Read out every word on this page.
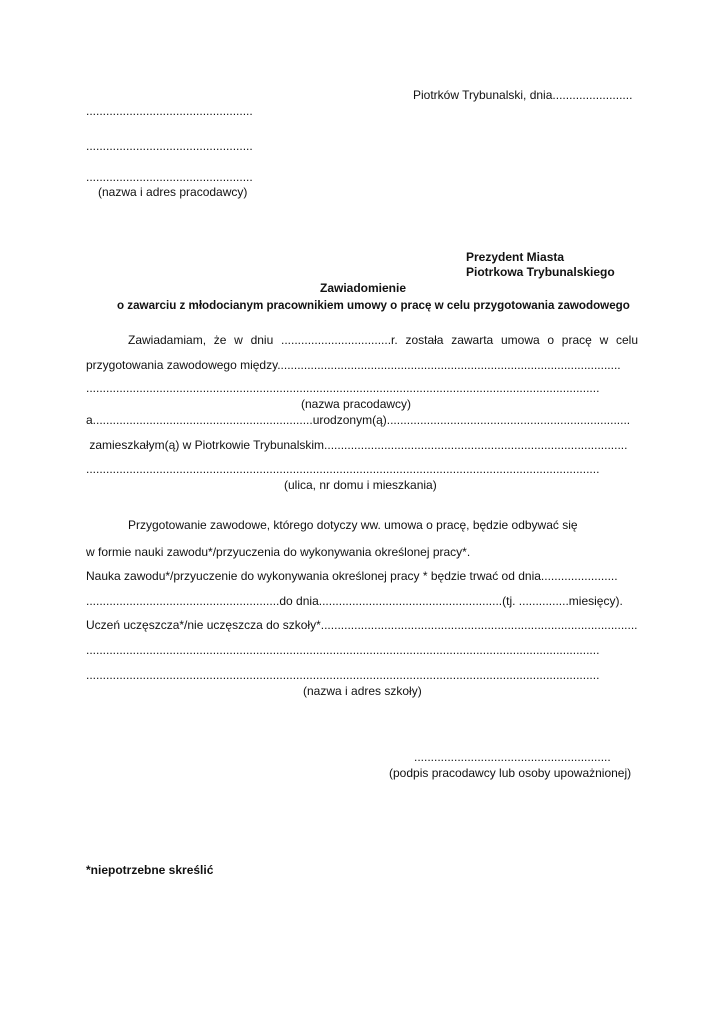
Piotrków Trybunalski, dnia........................
..................................................
..................................................
..................................................
(nazwa i adres pracodawcy)
Prezydent Miasta
Piotrkowa Trybunalskiego
Zawiadomienie
o zawarciu z młodocianym pracownikiem umowy o pracę w celu przygotowania zawodowego
Zawiadamiam, że w dniu .................................r. została zawarta umowa o pracę w celu
przygotowania zawodowego między.......................................................................................................
..........................................................................................................................................................
(nazwa pracodawcy)
a..................................................................urodzonym(ą).........................................................................
zamieszkałym(ą) w Piotrkowie Trybunalskim...........................................................................................
..........................................................................................................................................................
(ulica, nr domu i mieszkania)
Przygotowanie zawodowe, którego dotyczy ww. umowa o pracę, będzie odbywać się
w formie nauki zawodu*/przyuczenia do wykonywania określonej pracy*.
Nauka zawodu*/przyuczenie do wykonywania określonej pracy * będzie trwać od dnia.......................
..........................................................do dnia.......................................................(tj. ...............miesięcy).
Uczeń uczęszcza*/nie uczęszcza do szkoły*...............................................................................................
..........................................................................................................................................................
..........................................................................................................................................................
(nazwa i adres szkoły)
...........................................................
(podpis pracodawcy lub osoby upoważnionej)
*niepotrzebne skreślić
